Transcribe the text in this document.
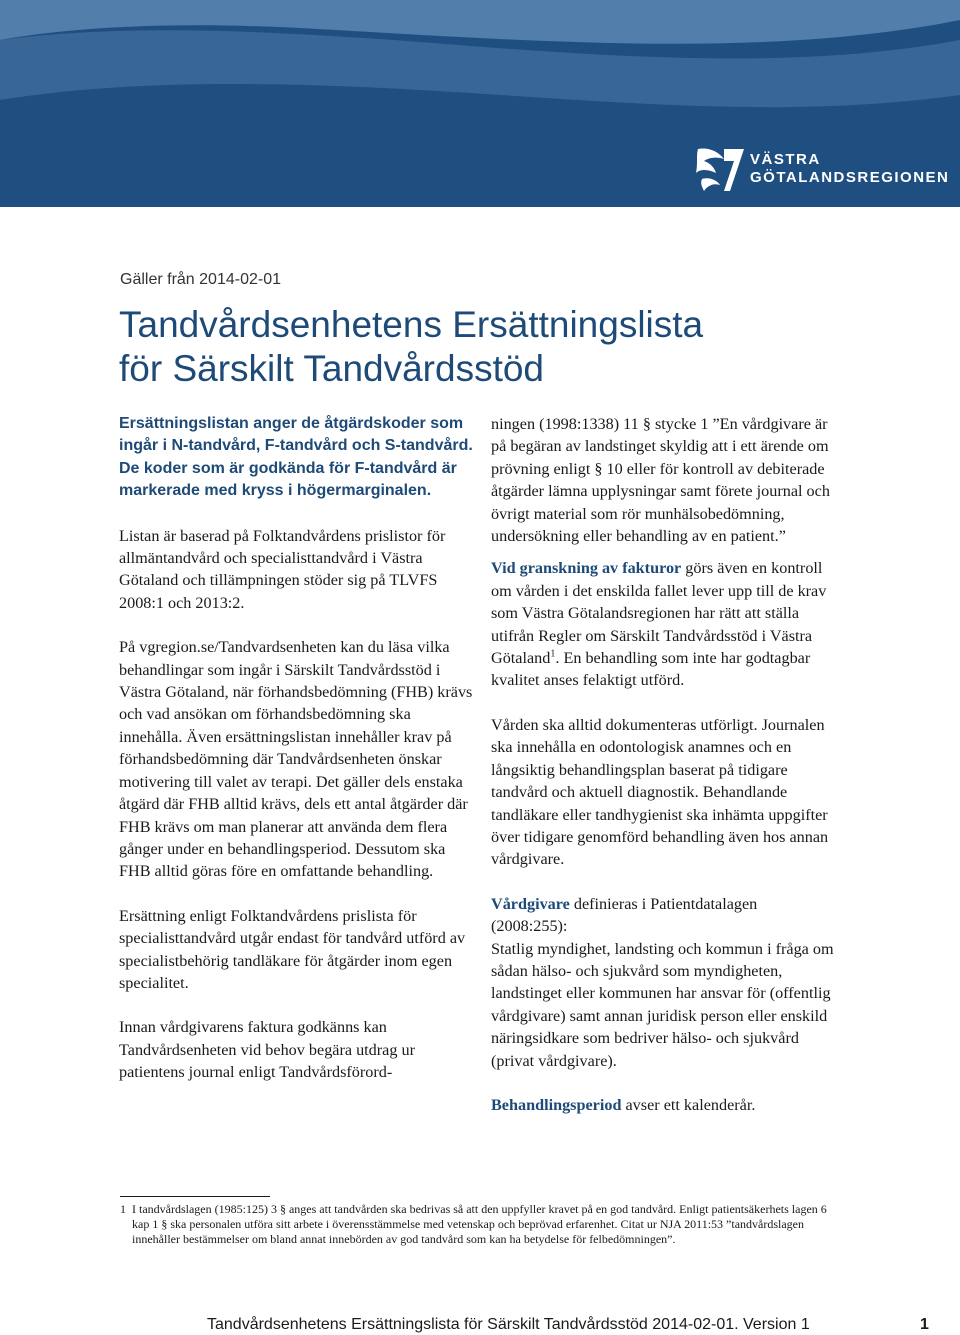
VÄSTRA
GÖTALANDSREGIONEN
Gäller från 2014-02-01
Tandvårdsenhetens Ersättningslista
för Särskilt Tandvårdsstöd

Ersättningslistan anger de åtgärdskoder som ingår i N-tandvård, F-tandvård och S-tandvård. De koder som är godkända för F-tandvård är markerade med kryss i högermarginalen.

Listan är baserad på Folktandvårdens prislistor för allmäntandvård och specialisttandvård i Västra Götaland och tillämpningen stöder sig på TLVFS 2008:1 och 2013:2.

På vgregion.se/Tandvardsenheten kan du läsa vilka behandlingar som ingår i Särskilt Tandvårdsstöd i Västra Götaland, när förhandsbedömning (FHB) krävs och vad ansökan om förhandsbedömning ska innehålla. Även ersättningslistan innehåller krav på förhandsbedömning där Tandvårdsenheten önskar motivering till valet av terapi. Det gäller dels enstaka åtgärd där FHB alltid krävs, dels ett antal åtgärder där FHB krävs om man planerar att använda dem flera gånger under en behandlingsperiod. Dessutom ska FHB alltid göras före en omfattande behandling.

Ersättning enligt Folktandvårdens prislista för specialisttandvård utgår endast för tandvård utförd av specialistbehörig tandläkare för åtgärder inom egen specialitet.

Innan vårdgivarens faktura godkänns kan Tandvårdsenheten vid behov begära utdrag ur patientens journal enligt Tandvårdsförord-

ningen (1998:1338) 11 § stycke 1 ”En vårdgivare är på begäran av landstinget skyldig att i ett ärende om prövning enligt § 10 eller för kontroll av debiterade åtgärder lämna upplysningar samt förete journal och övrigt material som rör munhälsobedömning, undersökning eller behandling av en patient.”

Vid granskning av fakturor görs även en kontroll om vården i det enskilda fallet lever upp till de krav som Västra Götalandsregionen har rätt att ställa utifrån Regler om Särskilt Tandvårdsstöd i Västra Götaland$^1$. En behandling som inte har godtagbar kvalitet anses felaktigt utförd.

Vården ska alltid dokumenteras utförligt. Journalen ska innehålla en odontologisk anamnes och en långsiktig behandlingsplan baserat på tidigare tandvård och aktuell diagnostik. Behandlande tandläkare eller tandhygienist ska inhämta uppgifter över tidigare genomförd behandling även hos annan vårdgivare.

Vårdgivare definieras i Patientdatalagen (2008:255):

Statlig myndighet, landsting och kommun i fråga om sådan hälso- och sjukvård som myndigheten, landstinget eller kommunen har ansvar för (offentlig vårdgivare) samt annan juridisk person eller enskild näringsidkare som bedriver hälso- och sjukvård (privat vårdgivare).

Behandlingsperiod avser ett kalenderår.

1 I tandvårdslagen (1985:125) 3 § anges att tandvården ska bedrivas så att den uppfyller kravet på en god tandvård. Enligt patientsäkerhets lagen 6 kap 1 § ska personalen utföra sitt arbete i överensstämmelse med vetenskap och beprövad erfarenhet. Citat ur NJA 2011:53 ”tandvårdslagen innehåller bestämmelser om bland annat innebörden av god tandvård som kan ha betydelse för felbedömningen”.
Tandvårdsenhetens Ersättningslista för Särskilt Tandvårdsstöd 2014-02-01. Version 1	1
